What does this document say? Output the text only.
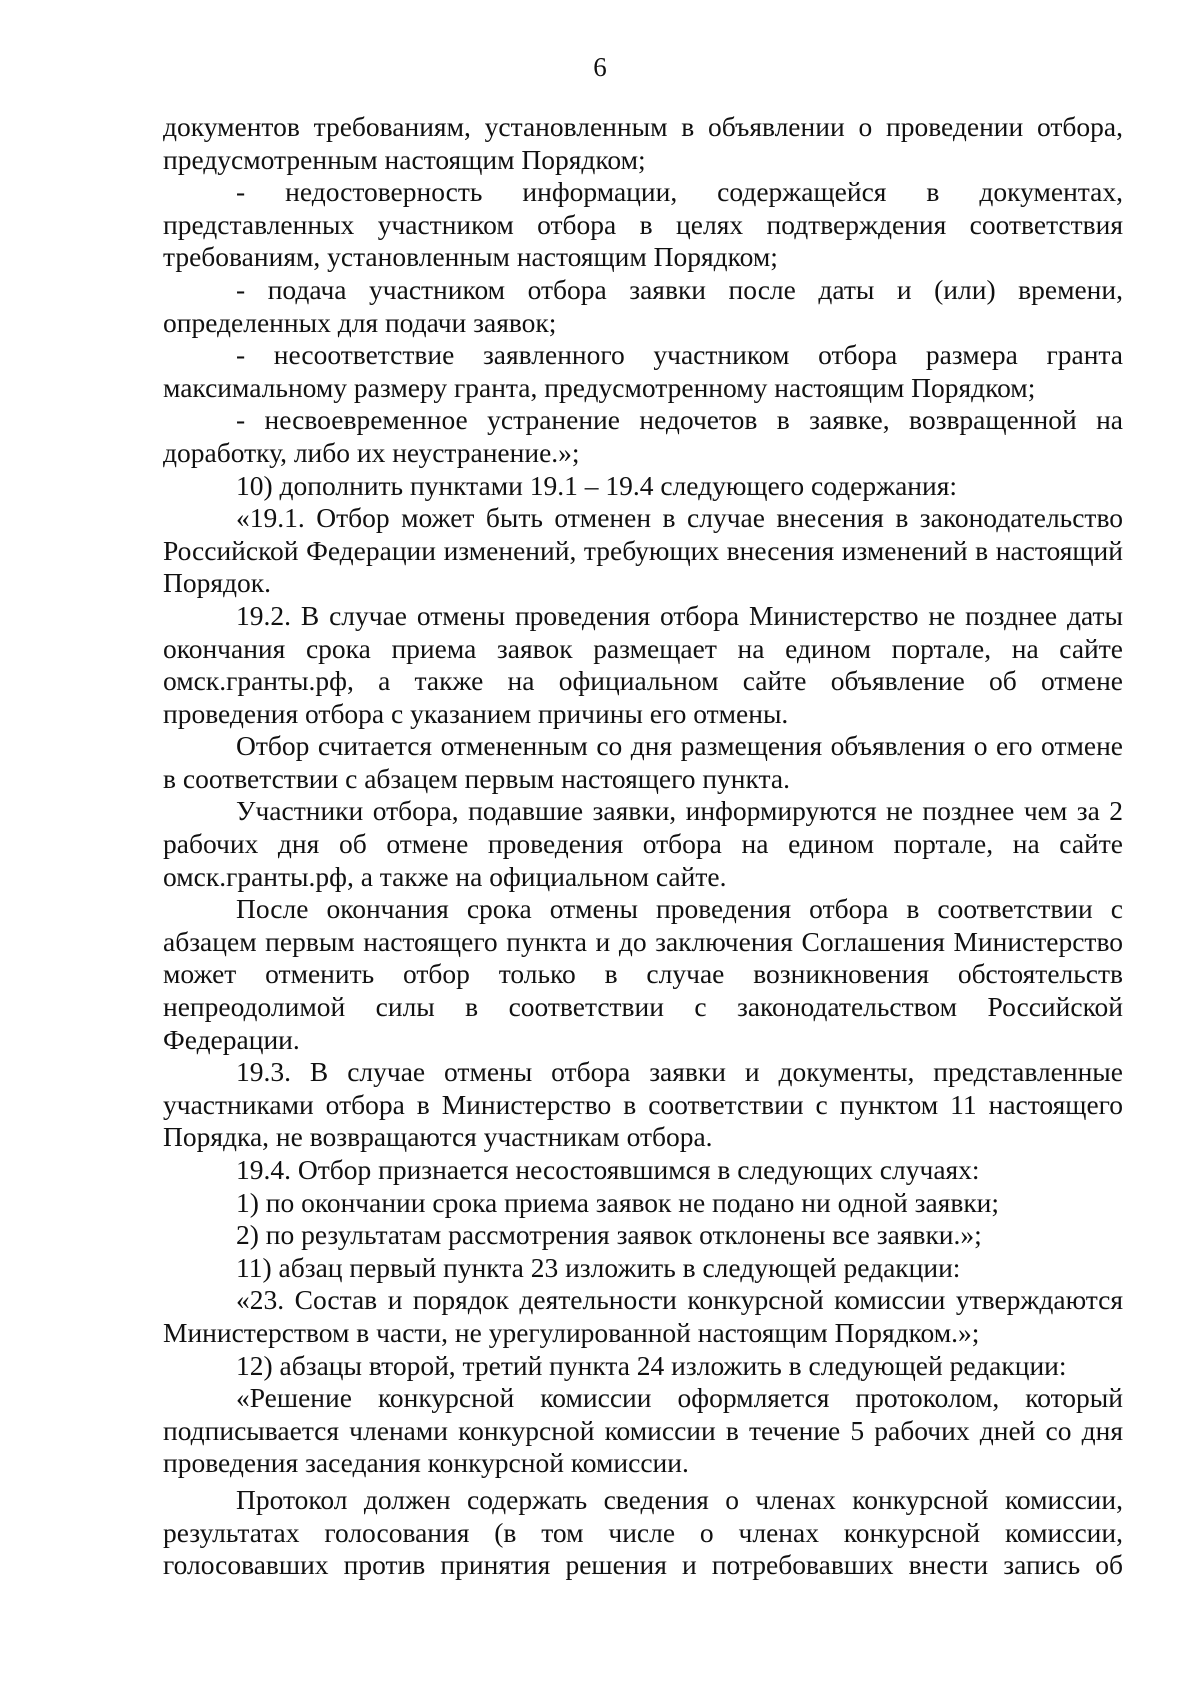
6
документов требованиям, установленным в объявлении о проведении отбора, предусмотренным настоящим Порядком;
- недостоверность информации, содержащейся в документах, представленных участником отбора в целях подтверждения соответствия требованиям, установленным настоящим Порядком;
- подача участником отбора заявки после даты и (или) времени, определенных для подачи заявок;
- несоответствие заявленного участником отбора размера гранта максимальному размеру гранта, предусмотренному настоящим Порядком;
- несвоевременное устранение недочетов в заявке, возвращенной на доработку, либо их неустранение.»;
10) дополнить пунктами 19.1 – 19.4 следующего содержания:
«19.1. Отбор может быть отменен в случае внесения в законодательство Российской Федерации изменений, требующих внесения изменений в настоящий Порядок.
19.2. В случае отмены проведения отбора Министерство не позднее даты окончания срока приема заявок размещает на едином портале, на сайте омск.гранты.рф, а также на официальном сайте объявление об отмене проведения отбора с указанием причины его отмены.
Отбор считается отмененным со дня размещения объявления о его отмене в соответствии с абзацем первым настоящего пункта.
Участники отбора, подавшие заявки, информируются не позднее чем за 2 рабочих дня об отмене проведения отбора на едином портале, на сайте омск.гранты.рф, а также на официальном сайте.
После окончания срока отмены проведения отбора в соответствии с абзацем первым настоящего пункта и до заключения Соглашения Министерство может отменить отбор только в случае возникновения обстоятельств непреодолимой силы в соответствии с законодательством Российской Федерации.
19.3. В случае отмены отбора заявки и документы, представленные участниками отбора в Министерство в соответствии с пунктом 11 настоящего Порядка, не возвращаются участникам отбора.
19.4. Отбор признается несостоявшимся в следующих случаях:
1) по окончании срока приема заявок не подано ни одной заявки;
2) по результатам рассмотрения заявок отклонены все заявки.»;
11) абзац первый пункта 23 изложить в следующей редакции:
«23. Состав и порядок деятельности конкурсной комиссии утверждаются Министерством в части, не урегулированной настоящим Порядком.»;
12) абзацы второй, третий пункта 24 изложить в следующей редакции:
«Решение конкурсной комиссии оформляется протоколом, который подписывается членами конкурсной комиссии в течение 5 рабочих дней со дня проведения заседания конкурсной комиссии.
Протокол должен содержать сведения о членах конкурсной комиссии, результатах голосования (в том числе о членах конкурсной комиссии, голосовавших против принятия решения и потребовавших внести запись об
